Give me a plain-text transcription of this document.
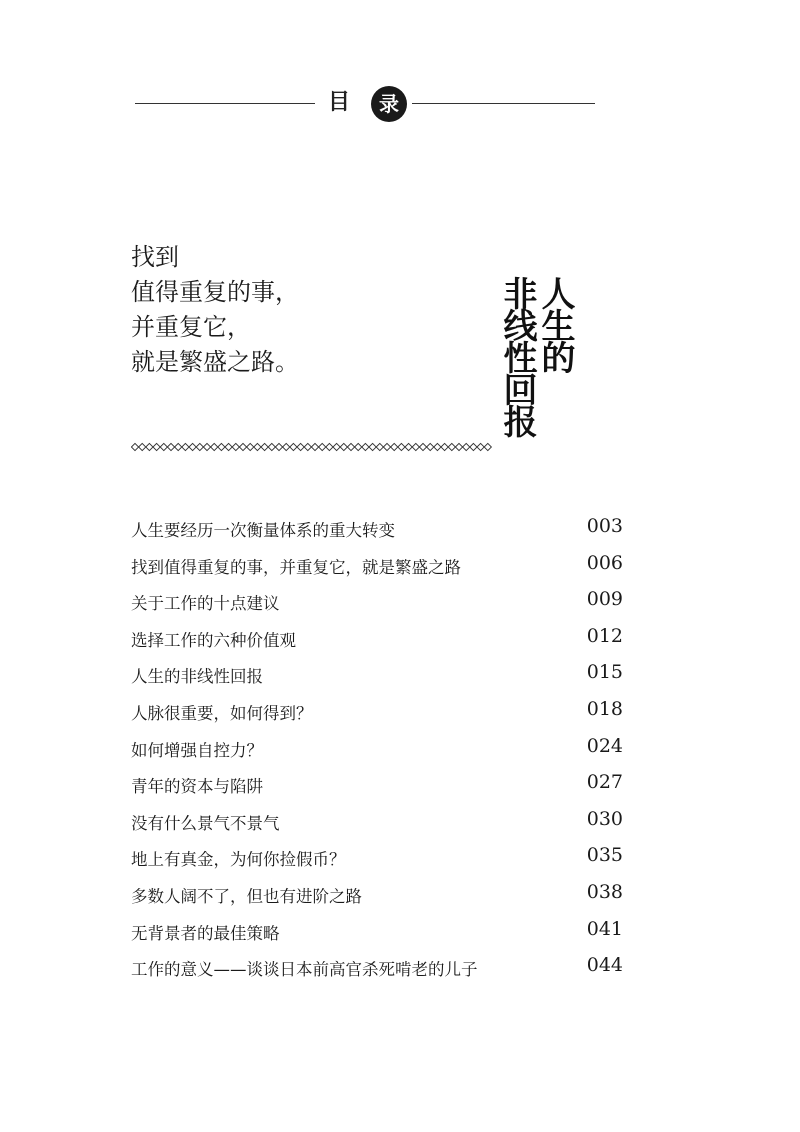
目	录
找到
值得重复的事，
并重复它，
就是繁盛之路。	人生的
非线性回报
人生要经历一次衡量体系的重大转变	003
找到值得重复的事，并重复它，就是繁盛之路	006
关于工作的十点建议	009
选择工作的六种价值观	012
人生的非线性回报	015
人脉很重要，如何得到？	018
如何增强自控力？	024
青年的资本与陷阱	027
没有什么景气不景气	030
地上有真金，为何你捡假币？	035
多数人阔不了，但也有进阶之路	038
无背景者的最佳策略	041
工作的意义——谈谈日本前高官杀死啃老的儿子	044
